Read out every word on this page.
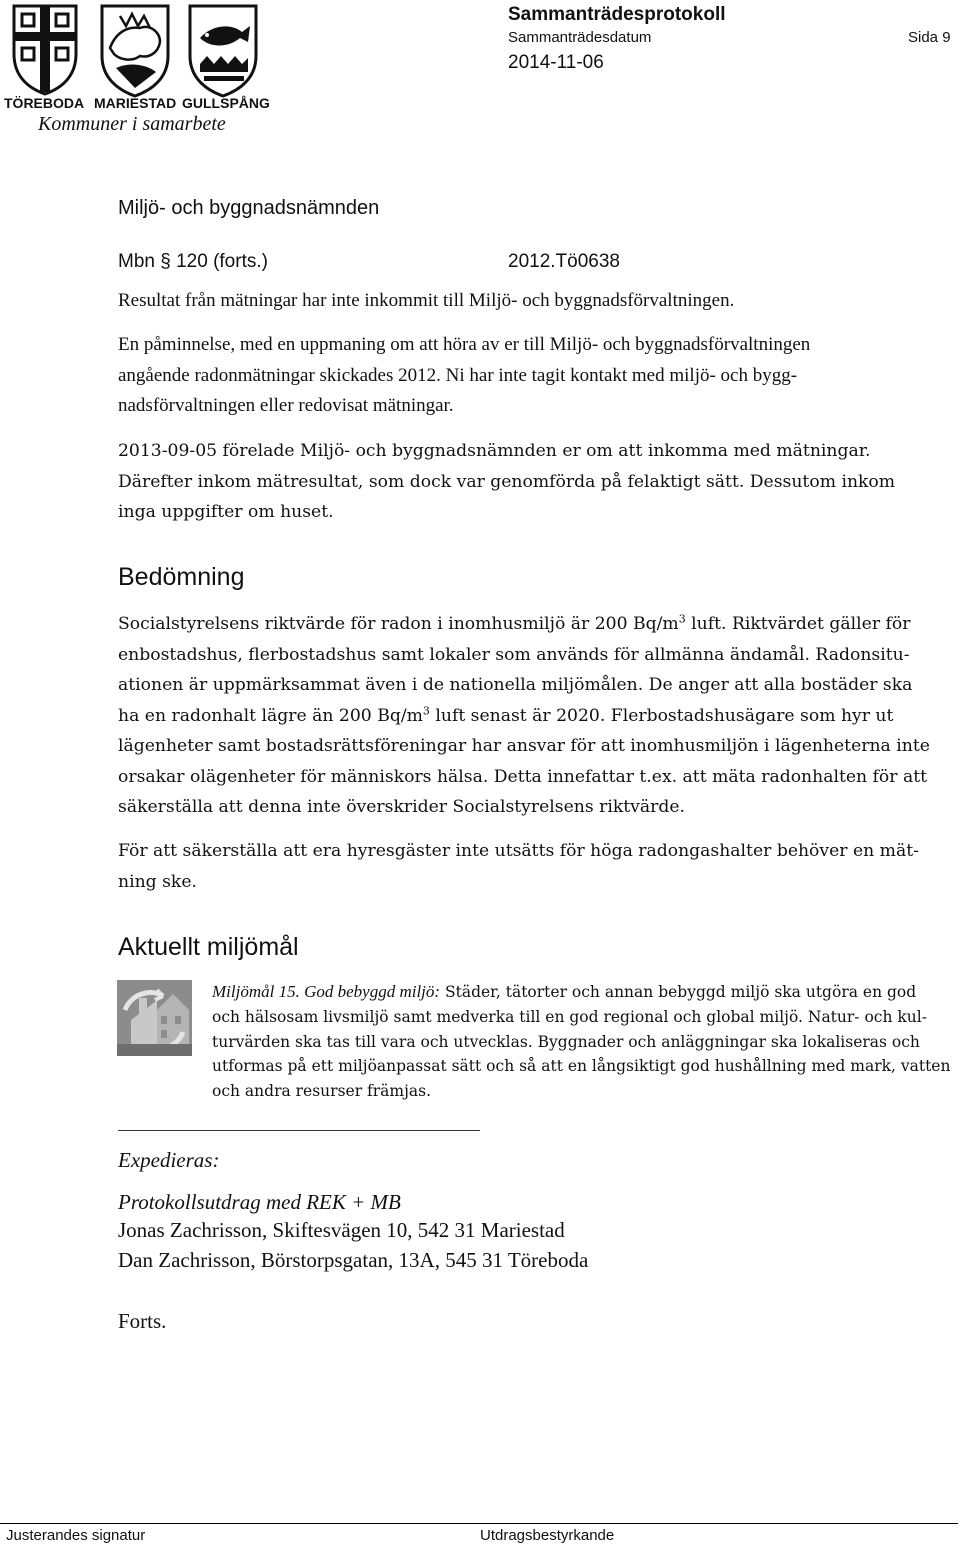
TÖREBODA MARIESTAD GULLSPÅNG
Kommuner i samarbete
Sammanträdesprotokoll
Sammanträdesdatum	Sida 9
2014-11-06
Miljö- och byggnadsnämnden
Mbn § 120 (forts.)	2012.Tö0638
Resultat från mätningar har inte inkommit till Miljö- och byggnadsförvaltningen.
En påminnelse, med en uppmaning om att höra av er till Miljö- och byggnadsförvaltningen
angående radonmätningar skickades 2012. Ni har inte tagit kontakt med miljö- och bygg-
nadsförvaltningen eller redovisat mätningar.
2013-09-05 förelade Miljö- och byggnadsnämnden er om att inkomma med mätningar.
Därefter inkom mätresultat, som dock var genomförda på felaktigt sätt. Dessutom inkom
inga uppgifter om huset.
Bedömning
Socialstyrelsens riktvärde för radon i inomhusmiljö är 200 $Bq/m^3$ luft. Riktvärdet gäller för
enbostadshus, flerbostadshus samt lokaler som används för allmänna ändamål. Radonsitu-
ationen är uppmärksammat även i de nationella miljömålen. De anger att alla bostäder ska
ha en radonhalt lägre än 200 $Bq/m^3$ luft senast är 2020. Flerbostadshusägare som hyr ut
lägenheter samt bostadsrättsföreningar har ansvar för att inomhusmiljön i lägenheterna inte
orsakar olägenheter för människors hälsa. Detta innefattar t.ex. att mäta radonhalten för att
säkerställa att denna inte överskrider Socialstyrelsens riktvärde.
För att säkerställa att era hyresgäster inte utsätts för höga radongashalter behöver en mät-
ning ske.
Aktuellt miljömål
Miljömål 15. God bebyggd miljö: Städer, tätorter och annan bebyggd miljö ska utgöra en god
och hälsosam livsmiljö samt medverka till en god regional och global miljö. Natur- och kul-
turvärden ska tas till vara och utvecklas. Byggnader och anläggningar ska lokaliseras och
utformas på ett miljöanpassat sätt och så att en långsiktigt god hushållning med mark, vatten
och andra resurser främjas.
Expedieras:
Protokollsutdrag med REK + MB
Jonas Zachrisson, Skiftesvägen 10, 542 31 Mariestad
Dan Zachrisson, Börstorpsgatan, 13A, 545 31 Töreboda
Forts.
Justerandes signatur	Utdragsbestyrkande
